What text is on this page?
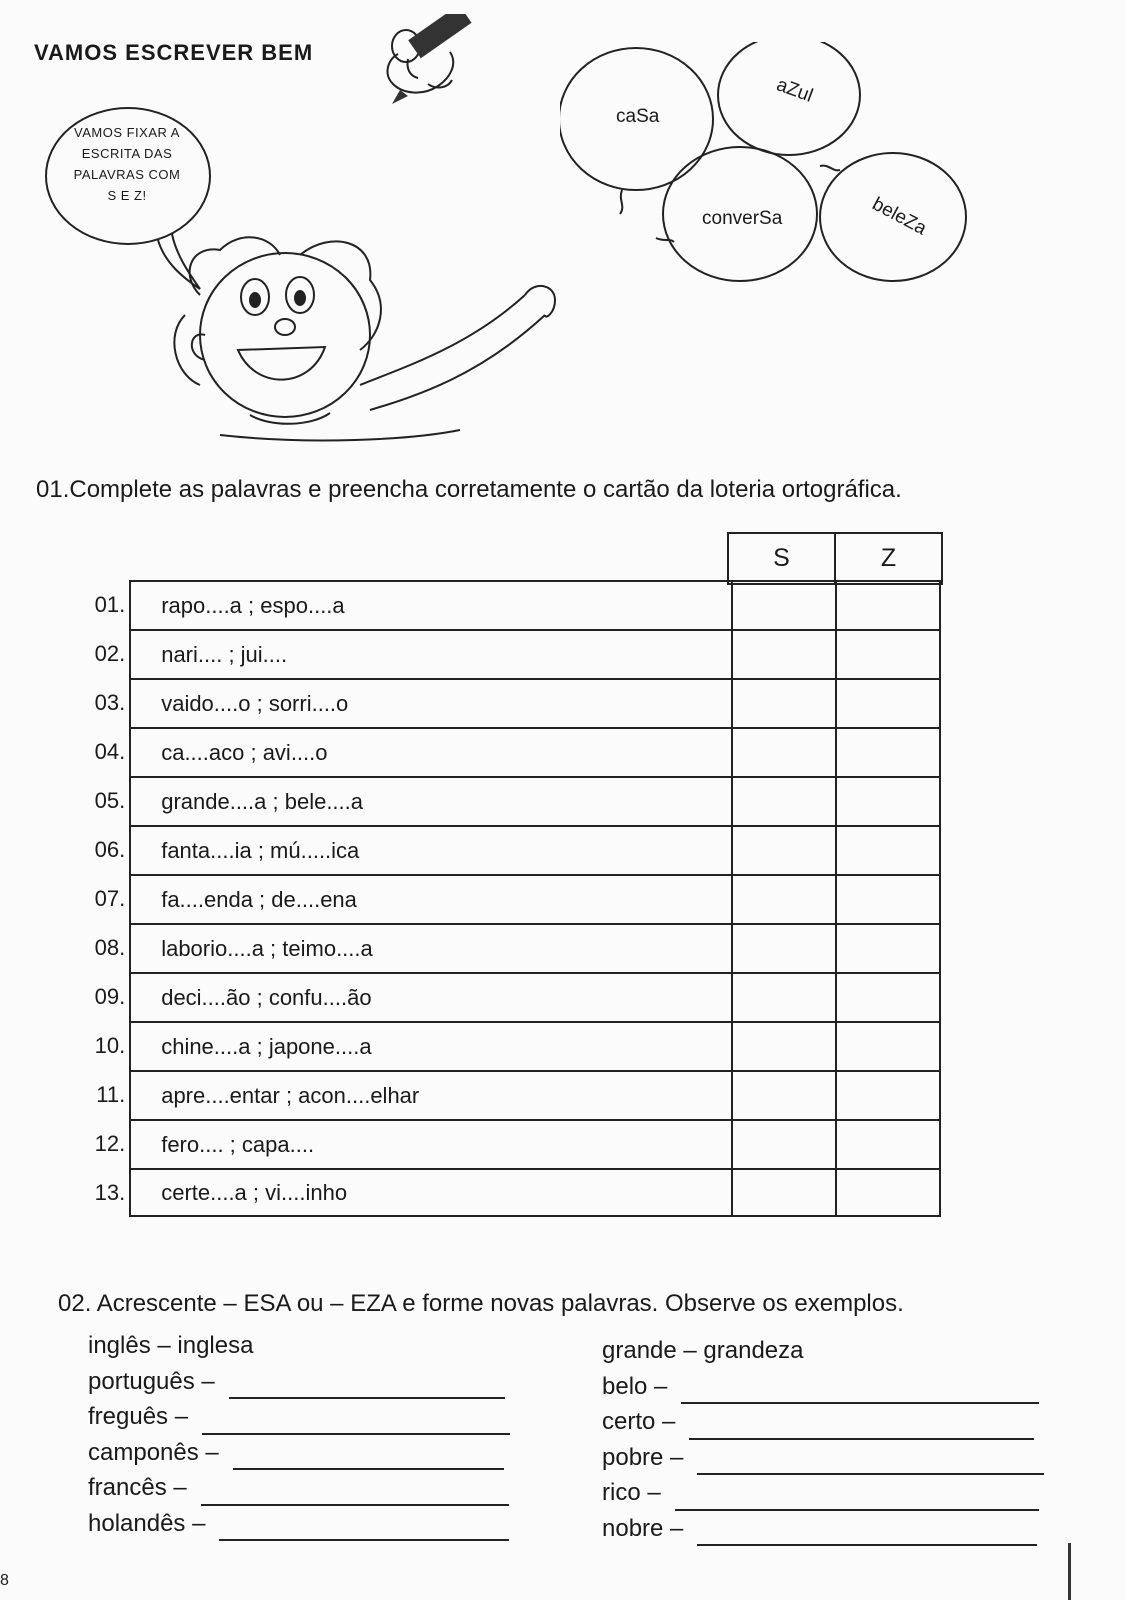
VAMOS ESCREVER BEM
VAMOS FIXAR A
ESCRITA DAS
PALAVRAS COM
S E Z!
caSa
aZul
converSa	beleZa
01.Complete as palavras e preencha corretamente o cartão da loteria ortográfica.
S	Z
01.	rapo....a ; espo....a
02.	nari.... ; jui....
03.	vaido....o ; sorri....o
04.	ca....aco ; avi....o
05.	grande....a ; bele....a
06.	fanta....ia ; mú.....ica
07.	fa....enda ; de....ena
08.	laborio....a ; teimo....a
09.	deci....ão ; confu....ão
10.	chine....a ; japone....a
11.	apre....entar ; acon....elhar
12.	fero.... ; capa....
13.	certe....a ; vi....inho
02. Acrescente – ESA ou – EZA e forme novas palavras. Observe os exemplos.
inglês – inglesa
português –
freguês –
camponês –
francês –
holandês –
grande – grandeza
belo –
certo –
pobre –
rico –
nobre –
8
